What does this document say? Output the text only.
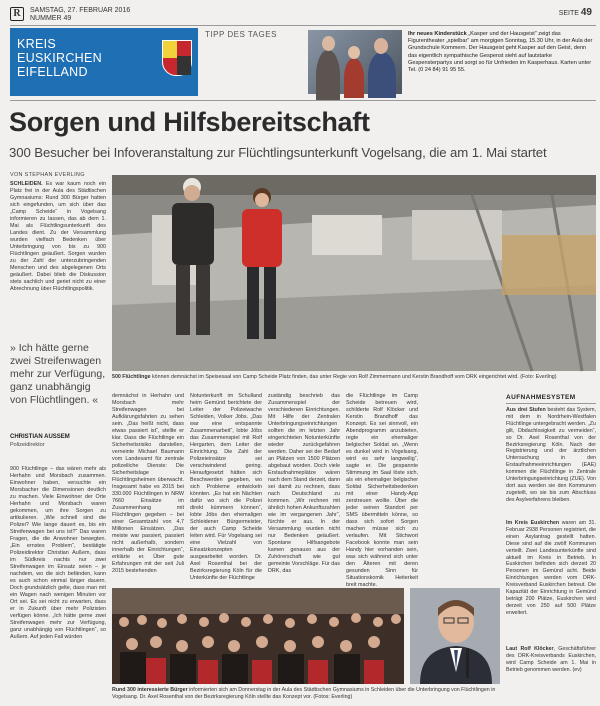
R	SAMSTAG, 27. FEBRUAR 2016
NUMMER 49
SEITE 49
KREIS
EUSKIRCHEN
EIFELLAND
TIPP DES TAGES	Ihr neues Kinderstück „Kasper und der Hausgeist“ zeigt das Figurentheater „spielbar“ am morgigen Sonntag, 15.30 Uhr, in der Aula der Grundschule Kommern. Der Hausgeist geht Kasper auf den Geist, denn das eigentlich sympathische Gespenst sieht auf lautstarke Gespensterpartys und sorgt so für Unfrieden im Kasperhaus. Karten unter Tel. (0 24 84) 91 95 55.
Sorgen und Hilfsbereitschaft
300 Besucher bei Infoveranstaltung zur Flüchtlingsunterkunft Vogelsang, die am 1. Mai startet
VON STEPHAN EVERLING
SCHLEIDEN. Es war kaum noch ein Platz frei in der Aula des Städtischen Gymnasiums: Rund 300 Bürger hatten sich eingefunden, um sich über das „Camp Scheide“ in Vogelsang informieren zu lassen, das ab dem 1. Mai als Flüchtlingsunterkunft des Landes dient. Zu der Versammlung wurden vielfach Bedenken über Unterbringung von bis zu 900 Flüchtlingen geäußert. Sorgen wurden zu der Zahl der unterzubringenden Menschen und des abgelegenen Orts geäußert. Dabei blieb die Diskussion stets sachlich und geriet nicht zu einer Abrechnung über Flüchtlingspolitik.
500 Flüchtlinge können demnächst im Speisesaal von Camp Scheide Platz finden, das unter Regie von Rolf Zimmermann und Kerstin Brandhoff vom DRK eingerichtet wird. (Foto: Everling)
» Ich hätte gerne zwei Streifenwagen mehr zur Verfügung, ganz unabhängig von Flüchtlingen. «
CHRISTIAN AUSSEM
Polizeidirektor
900 Flüchtlinge – das wären mehr als Herhahn und Morsbach zusammen. Einwohner haben, versuchte ein Morsbacher die Dimensionen deutlich zu machen. Viele Einwohner der Orte Herhahn und Morsbach waren gekommen, um ihre Sorgen zu artikulieren. „Wie schnell sind die Polizei? Wie lange dauert es, bis ein Streifenwagen bei uns ist?“ Das waren Fragen, die die Anwohner bewegten. „Ein ernstes Problem“, bestätigte Polizeidirektor Christian Außem, dass im Südkreis nachts nur zwei Streifenwagen im Einsatz seien – je nachdem, wo die sich befänden, kann es auch schon einmal länger dauern. Doch grundsätzlich gelte, dass man mit ein Wagen nach wenigen Minuten vor Ort sei. Es sei nicht zu erwarten, dass er in Zukunft über mehr Polizisten verfügen könne. „Ich hätte gerne zwei Streifenwagen mehr zur Verfügung, ganz unabhängig von Flüchtlingen“, so Außem. Auf jeden Fall würden
demnächst in Herhahn und Morsbach mehr Streifenwagen bei Aufklärungsfahrten zu sehen sein. „Das heißt nicht, dass etwas passiert ist“, stellte er klar. Dass die Flüchtlinge ein Sicherheitsrisiko darstellen, verneinte Michael Baumann vom Landesamt für zentrale polizeiliche Dienste: Die Sicherheitslage in Flüchtlingsheimen überwacht. Insgesamt habe es 2015 bei 330.000 Flüchtlingen in NRW 7660 Einsätze im Zusammenhang mit Flüchtlingen gegeben – bei einer Gesamtzahl von 4,7 Millionen Einsätzen. „Das meiste war passiert, passiert nicht außerhalb, sondern innerhalb der Einrichtungen“, erklärte er. Über gute Erfahrungen mit der seit Juli 2015 bestehenden
Notunterkunft im Schulland heim Gemünd berichtete der Leiter der Polizeiwache Schleiden, Volker Jöbs. „Das war eine entspannte Zusammenarbeit“, lobte Jöbs das Zusammenspiel mit Rolf Hergarten, dem Leiter der Einrichtung. Die Zahl der Polizeieinsätze sei verschwindend gering. Heraufgesetzt hätten sich Beschwerden gegeben, wo sich Probleme entwickeln könnten. „Es hat ein Nächten dafür wo sich die Polizei direkt kümmern können“, lobte Jöbs den ehemaligen Schleidener Bürgermeister, der auch Camp Scheide leiten wird. Für Vogelsang sei eine Vielzahl von Einsatzkonzepten ausgearbeitet worden. Dr. Axel Rosenthal bei der Bezirksregierung Köln für die Unterkünfte der Flüchtlinge
zuständig beschrieb das Zusammenspiel der verschiedenen Einrichtungen. Mit Hilfe der Zentralen Unterbringungseinrichtungen sollten die im letzten Jahr eingerichteten Notunterkünfte wieder zurückgefahren werden. Daher sei der Bedarf an Plätzen von 1500 Plätzen abgebaut worden. Doch viele Erstaufnahmeplätze wären nach dem Stand derzeit, dann sei damit zu rechnen, dass nach Deutschland zu kommen. „Wir rechnen mit ähnlich hohen Ankunftszahlen wie im vergangenen Jahr“, fürchte er aus. In der Versammlung wurden nicht nur Bedenken geäußert. Spontane Hilfsangebote kamen genauso aus der Zuhörerschaft wie gut gemeinte Vorschläge. Für das DRK, das
die Flüchtlinge im Camp Scheide betreuen wird, schilderte Rolf Klöcker und Kerstin Brandhoff das Konzept. Es sei sinnvoll, ein Abendprogramm anzubieten, regte ein ehemaliger belgischer Soldat an. „Wenn es dunkel wird in Vogelsang, wird es sehr langweilig“, sagte er. Die gespannte Stimmung im Saal löste sich, als ein ehemaliger belgischer Soldat Sicherheitsbedenken mit einer Handy-App zerstreuen wollte. Über die jeder seinen Standort per SMS übermitteln könne, so dass sich sofort Sorgen machen müsse sich zu verlaufen. Mit Stichwort Facebook konnte man sein Handy hier vorhanden sein, was sich während sich unter den Älteren mit deren gesunden Sinn für Situationskomik Heiterkeit breit machte.
AUFNAHMESYSTEM
Aus drei Stufen besteht das System, mit dem in Nordrhein-Westfalen Flüchtlinge untergebracht werden. „Zu gilt, Obdachlosigkeit zu vermeiden“, so Dr. Axel Rosenthal von der Bezirksregierung Köln. Nach der Registrierung und der ärztlichen Untersuchung in den Erstaufnahmeeinrichtungen (EAE) kommen die Flüchtlinge in Zentrale Unterbringungseinrichtung (ZUE). Von dort aus werden sie den Kommunen zugeteilt, wo sie bis zum Abschluss des Asylverfahrens bleiben.
Im Kreis Euskirchen waren am 31. Februar 2938 Personen registriert, die einen Asylantrag gestellt hatten. Diese sind auf die zwölf Kommunen verteilt. Zwei Landesunterkünfte sind aktuell im Kreis in Betrieb. In Euskirchen befinden sich derzeit 20 Personen im Gemünd acht. Beide Einrichtungen werden vom DRK-Kreisverband Euskirchen betreut. Die Kapazität der Einrichtung in Gemünd beträgt 200 Plätze, Euskirchen wird derzeit von 250 auf 500 Plätze erweitert.
Laut Rolf Klöcker, Geschäftsführer des DRK-Kreisverbands Euskirchen, wird Camp Scheide am 1. Mai in Betrieb genommen werden. (ev)
Rund 300 interessierte Bürger informierten sich am Donnerstag in der Aula des Städtischen Gymnasiums in Schleiden über die Unterbringung von Flüchtlingen in Vogelsang. Dr. Axel Rosenthal von der Bezirksregierung Köln stellte das Konzept vor. (Fotos: Everling)
